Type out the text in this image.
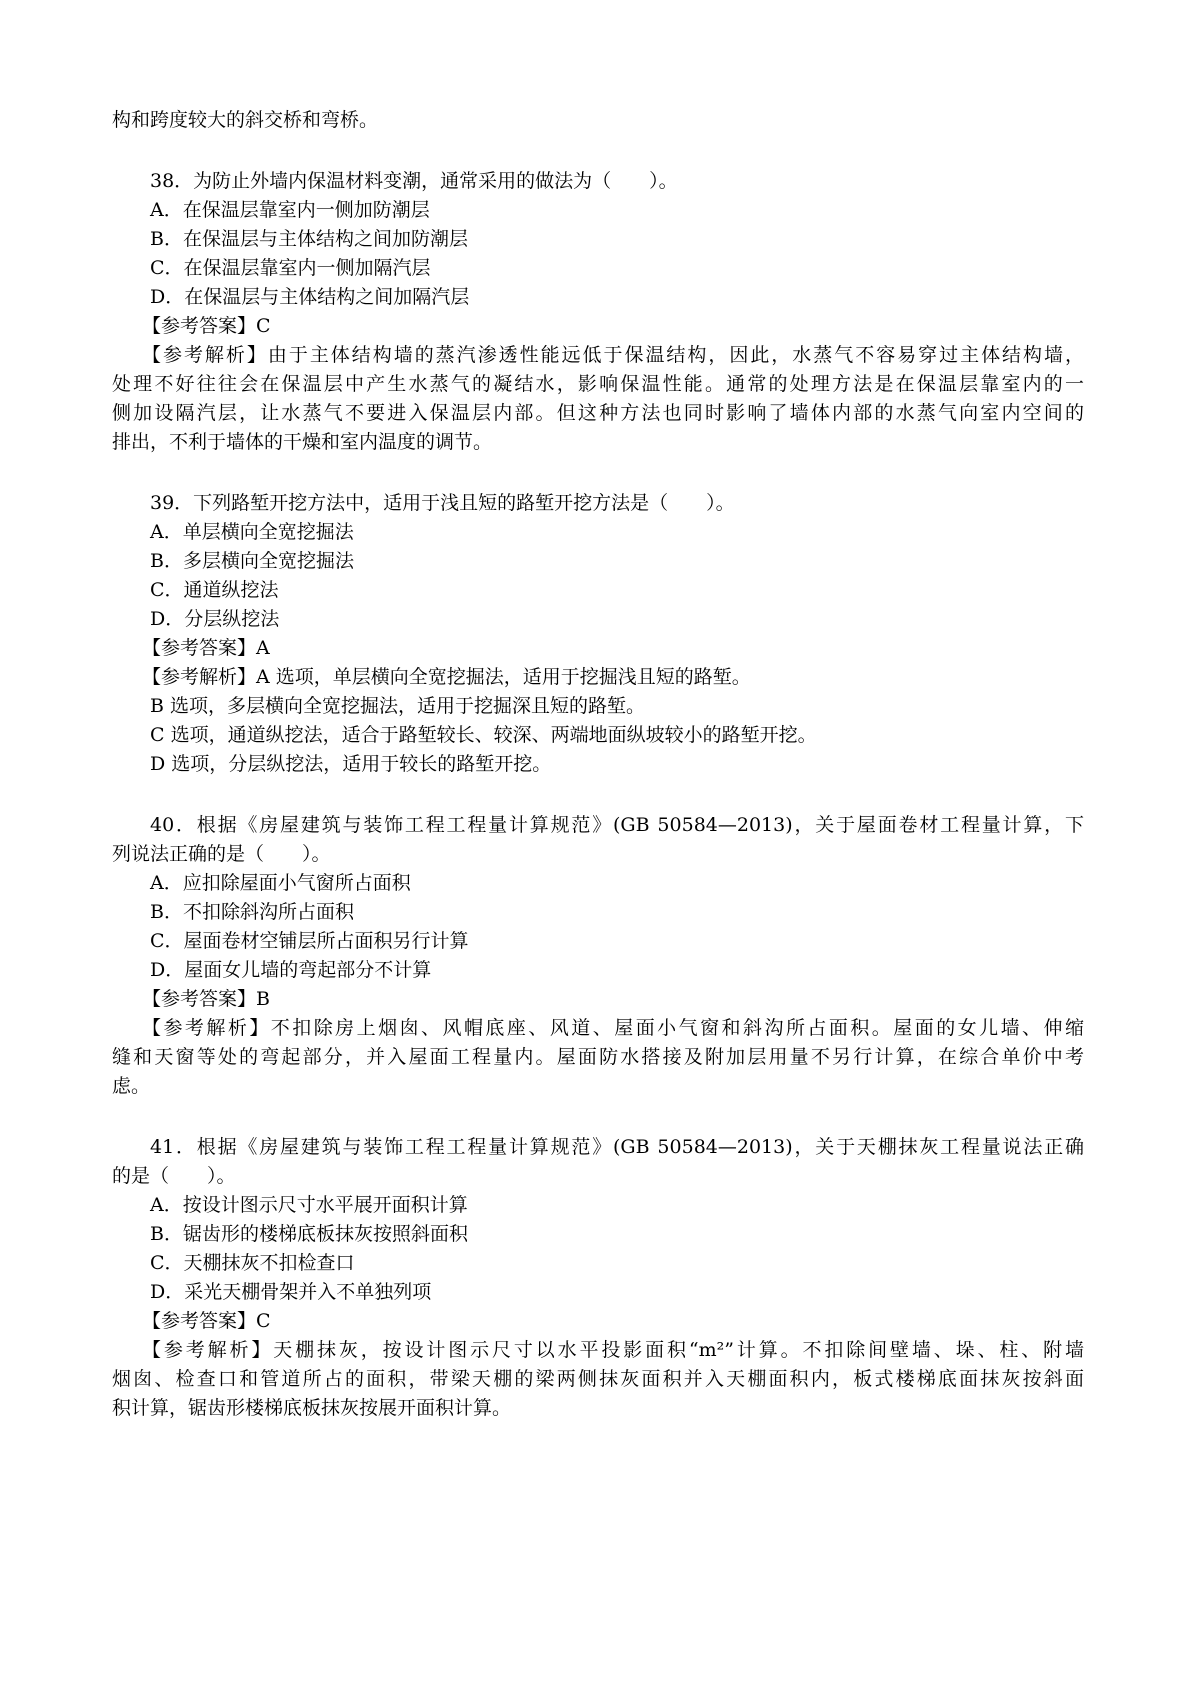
构和跨度较大的斜交桥和弯桥。
38．为防止外墙内保温材料变潮，通常采用的做法为（　　）。
A．在保温层靠室内一侧加防潮层
B．在保温层与主体结构之间加防潮层
C．在保温层靠室内一侧加隔汽层
D．在保温层与主体结构之间加隔汽层
【参考答案】C
【参考解析】由于主体结构墙的蒸汽渗透性能远低于保温结构，因此，水蒸气不容易穿过主体结构墙，
处理不好往往会在保温层中产生水蒸气的凝结水，影响保温性能。通常的处理方法是在保温层靠室内的一
侧加设隔汽层，让水蒸气不要进入保温层内部。但这种方法也同时影响了墙体内部的水蒸气向室内空间的
排出，不利于墙体的干燥和室内温度的调节。
39．下列路堑开挖方法中，适用于浅且短的路堑开挖方法是（　　）。
A．单层横向全宽挖掘法
B．多层横向全宽挖掘法
C．通道纵挖法
D．分层纵挖法
【参考答案】A
【参考解析】A 选项，单层横向全宽挖掘法，适用于挖掘浅且短的路堑。
B 选项，多层横向全宽挖掘法，适用于挖掘深且短的路堑。
C 选项，通道纵挖法，适合于路堑较长、较深、两端地面纵坡较小的路堑开挖。
D 选项，分层纵挖法，适用于较长的路堑开挖。
40．根据《房屋建筑与装饰工程工程量计算规范》(GB 50584—2013)，关于屋面卷材工程量计算，下
列说法正确的是（　　）。
A．应扣除屋面小气窗所占面积
B．不扣除斜沟所占面积
C．屋面卷材空铺层所占面积另行计算
D．屋面女儿墙的弯起部分不计算
【参考答案】B
【参考解析】不扣除房上烟囱、风帽底座、风道、屋面小气窗和斜沟所占面积。屋面的女儿墙、伸缩
缝和天窗等处的弯起部分，并入屋面工程量内。屋面防水搭接及附加层用量不另行计算，在综合单价中考
虑。
41．根据《房屋建筑与装饰工程工程量计算规范》(GB 50584—2013)，关于天棚抹灰工程量说法正确
的是（　　）。
A．按设计图示尺寸水平展开面积计算
B．锯齿形的楼梯底板抹灰按照斜面积
C．天棚抹灰不扣检查口
D．采光天棚骨架并入不单独列项
【参考答案】C
【参考解析】天棚抹灰，按设计图示尺寸以水平投影面积“m²”计算。不扣除间壁墙、垛、柱、附墙
烟囱、检查口和管道所占的面积，带梁天棚的梁两侧抹灰面积并入天棚面积内，板式楼梯底面抹灰按斜面
积计算，锯齿形楼梯底板抹灰按展开面积计算。
